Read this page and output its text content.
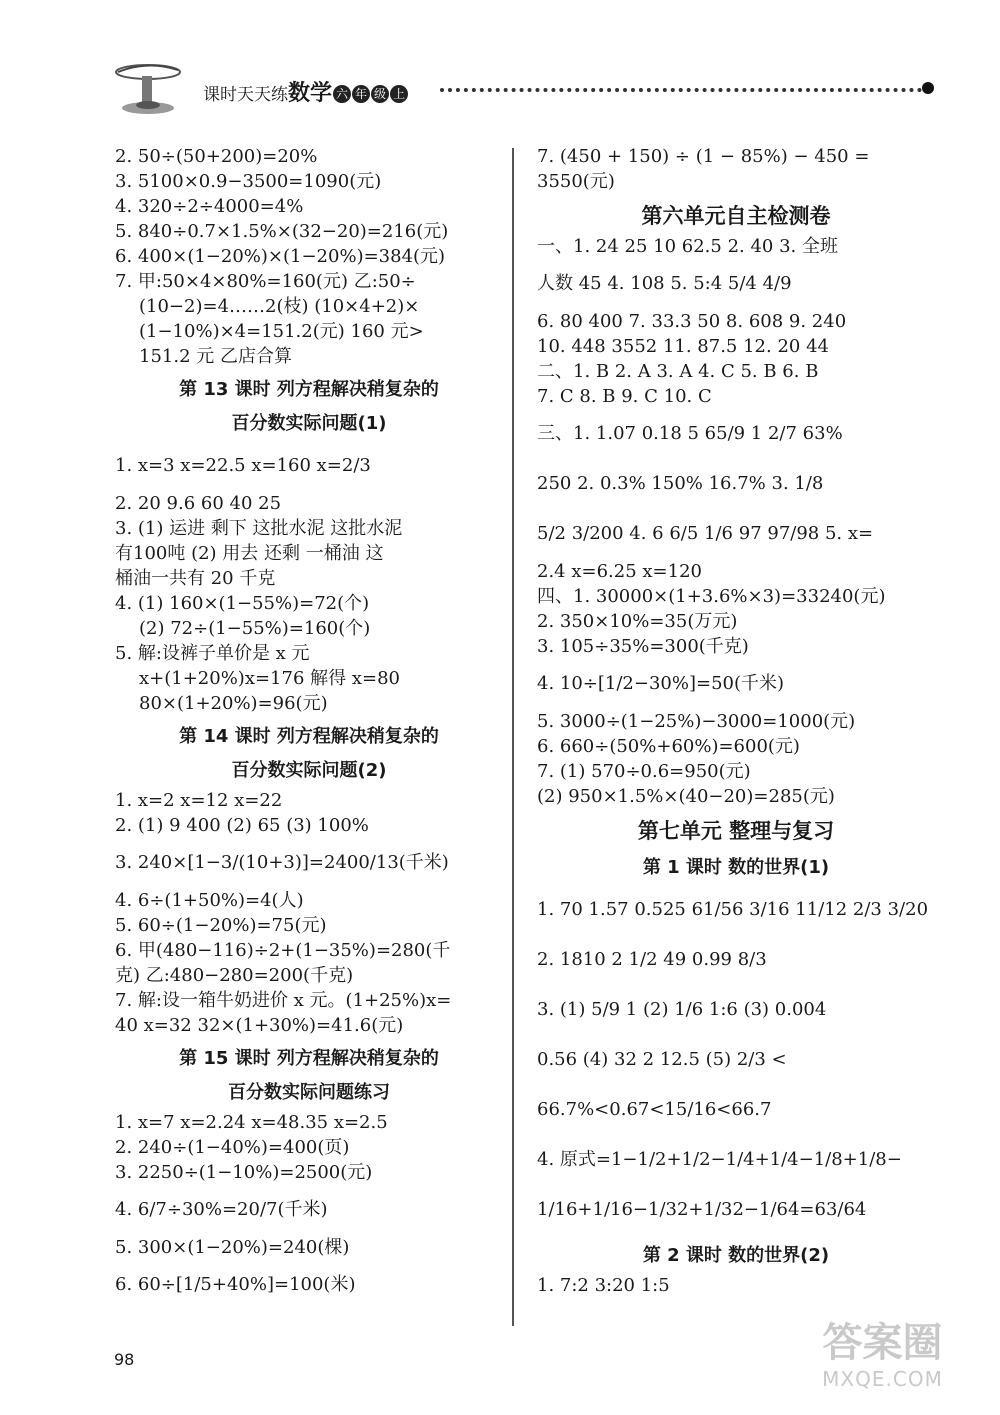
课时天天练数学 六 年 级 上
2. 50÷(50+200)=20%
3. 5100×0.9−3500=1090(元)
4. 320÷2÷4000=4%
5. 840÷0.7×1.5%×(32−20)=216(元)
6. 400×(1−20%)×(1−20%)=384(元)
7. 甲:50×4×80%=160(元) 乙:50÷
(10−2)=4……2(枝) (10×4+2)×
(1−10%)×4=151.2(元) 160 元>
151.2 元 乙店合算
第 13 课时 列方程解决稍复杂的
百分数实际问题(1)
1. x=3 x=22.5 x=160 x=2/3
2. 20 9.6 60 40 25
3. (1) 运进 剩下 这批水泥 这批水泥
有100吨 (2) 用去 还剩 一桶油 这
桶油一共有 20 千克
4. (1) 160×(1−55%)=72(个)
(2) 72÷(1−55%)=160(个)
5. 解:设裤子单价是 x 元
x+(1+20%)x=176 解得 x=80
80×(1+20%)=96(元)
第 14 课时 列方程解决稍复杂的
百分数实际问题(2)
1. x=2 x=12 x=22
2. (1) 9 400 (2) 65 (3) 100%
3. 240×[1−3/(10+3)]=2400/13(千米)
4. 6÷(1+50%)=4(人)
5. 60÷(1−20%)=75(元)
6. 甲(480−116)÷2+(1−35%)=280(千
克) 乙:480−280=200(千克)
7. 解:设一箱牛奶进价 x 元。(1+25%)x=
40 x=32 32×(1+30%)=41.6(元)
第 15 课时 列方程解决稍复杂的
百分数实际问题练习
1. x=7 x=2.24 x=48.35 x=2.5
2. 240÷(1−40%)=400(页)
3. 2250÷(1−10%)=2500(元)
4. 6/7÷30%=20/7(千米)
5. 300×(1−20%)=240(棵)
6. 60÷[1/5+40%]=100(米)
7. (450 + 150) ÷ (1 − 85%) − 450 =
3550(元)
第六单元自主检测卷
一、1. 24 25 10 62.5 2. 40 3. 全班
人数 45 4. 108 5. 5:4 5/4 4/9
6. 80 400 7. 33.3 50 8. 608 9. 240
10. 448 3552 11. 87.5 12. 20 44
二、1. B 2. A 3. A 4. C 5. B 6. B
7. C 8. B 9. C 10. C
三、1. 1.07 0.18 5 65/9 1 2/7 63%
250 2. 0.3% 150% 16.7% 3. 1/8
5/2 3/200 4. 6 6/5 1/6 97 97/98 5. x=
2.4 x=6.25 x=120
四、1. 30000×(1+3.6%×3)=33240(元)
2. 350×10%=35(万元)
3. 105÷35%=300(千克)
4. 10÷[1/2−30%]=50(千米)
5. 3000÷(1−25%)−3000=1000(元)
6. 660÷(50%+60%)=600(元)
7. (1) 570÷0.6=950(元)
(2) 950×1.5%×(40−20)=285(元)
第七单元 整理与复习
第 1 课时 数的世界(1)
1. 70 1.57 0.525 61/56 3/16 11/12 2/3 3/20
2. 1810 2 1/2 49 0.99 8/3
3. (1) 5/9 1 (2) 1/6 1:6 (3) 0.004
0.56 (4) 32 2 12.5 (5) 2/3 <
66.7%<0.67<15/16<66.7
4. 原式=1−1/2+1/2−1/4+1/4−1/8+1/8−
1/16+1/16−1/32+1/32−1/64=63/64
第 2 课时 数的世界(2)
1. 7:2 3:20 1:5
98	答案圈
MXQE.COM
